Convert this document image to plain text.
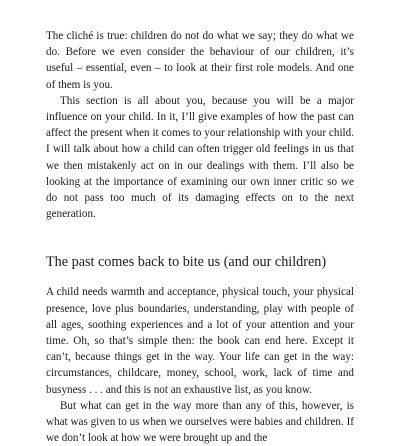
The cliché is true: children do not do what we say; they do what we do. Before we even consider the behaviour of our children, it’s useful – essential, even – to look at their first role models. And one of them is you.

This section is all about you, because you will be a major influence on your child. In it, I’ll give examples of how the past can affect the present when it comes to your relationship with your child. I will talk about how a child can often trigger old feelings in us that we then mistakenly act on in our dealings with them. I’ll also be looking at the importance of examining our own inner critic so we do not pass too much of its damaging effects on to the next generation.

The past comes back to bite us (and our children)

A child needs warmth and acceptance, physical touch, your physical presence, love plus boundaries, understanding, play with people of all ages, soothing experiences and a lot of your attention and your time. Oh, so that’s simple then: the book can end here. Except it can’t, because things get in the way. Your life can get in the way: circumstances, childcare, money, school, work, lack of time and busyness . . . and this is not an exhaustive list, as you know.

But what can get in the way more than any of this, however, is what was given to us when we ourselves were babies and children. If we don’t look at how we were brought up and the
